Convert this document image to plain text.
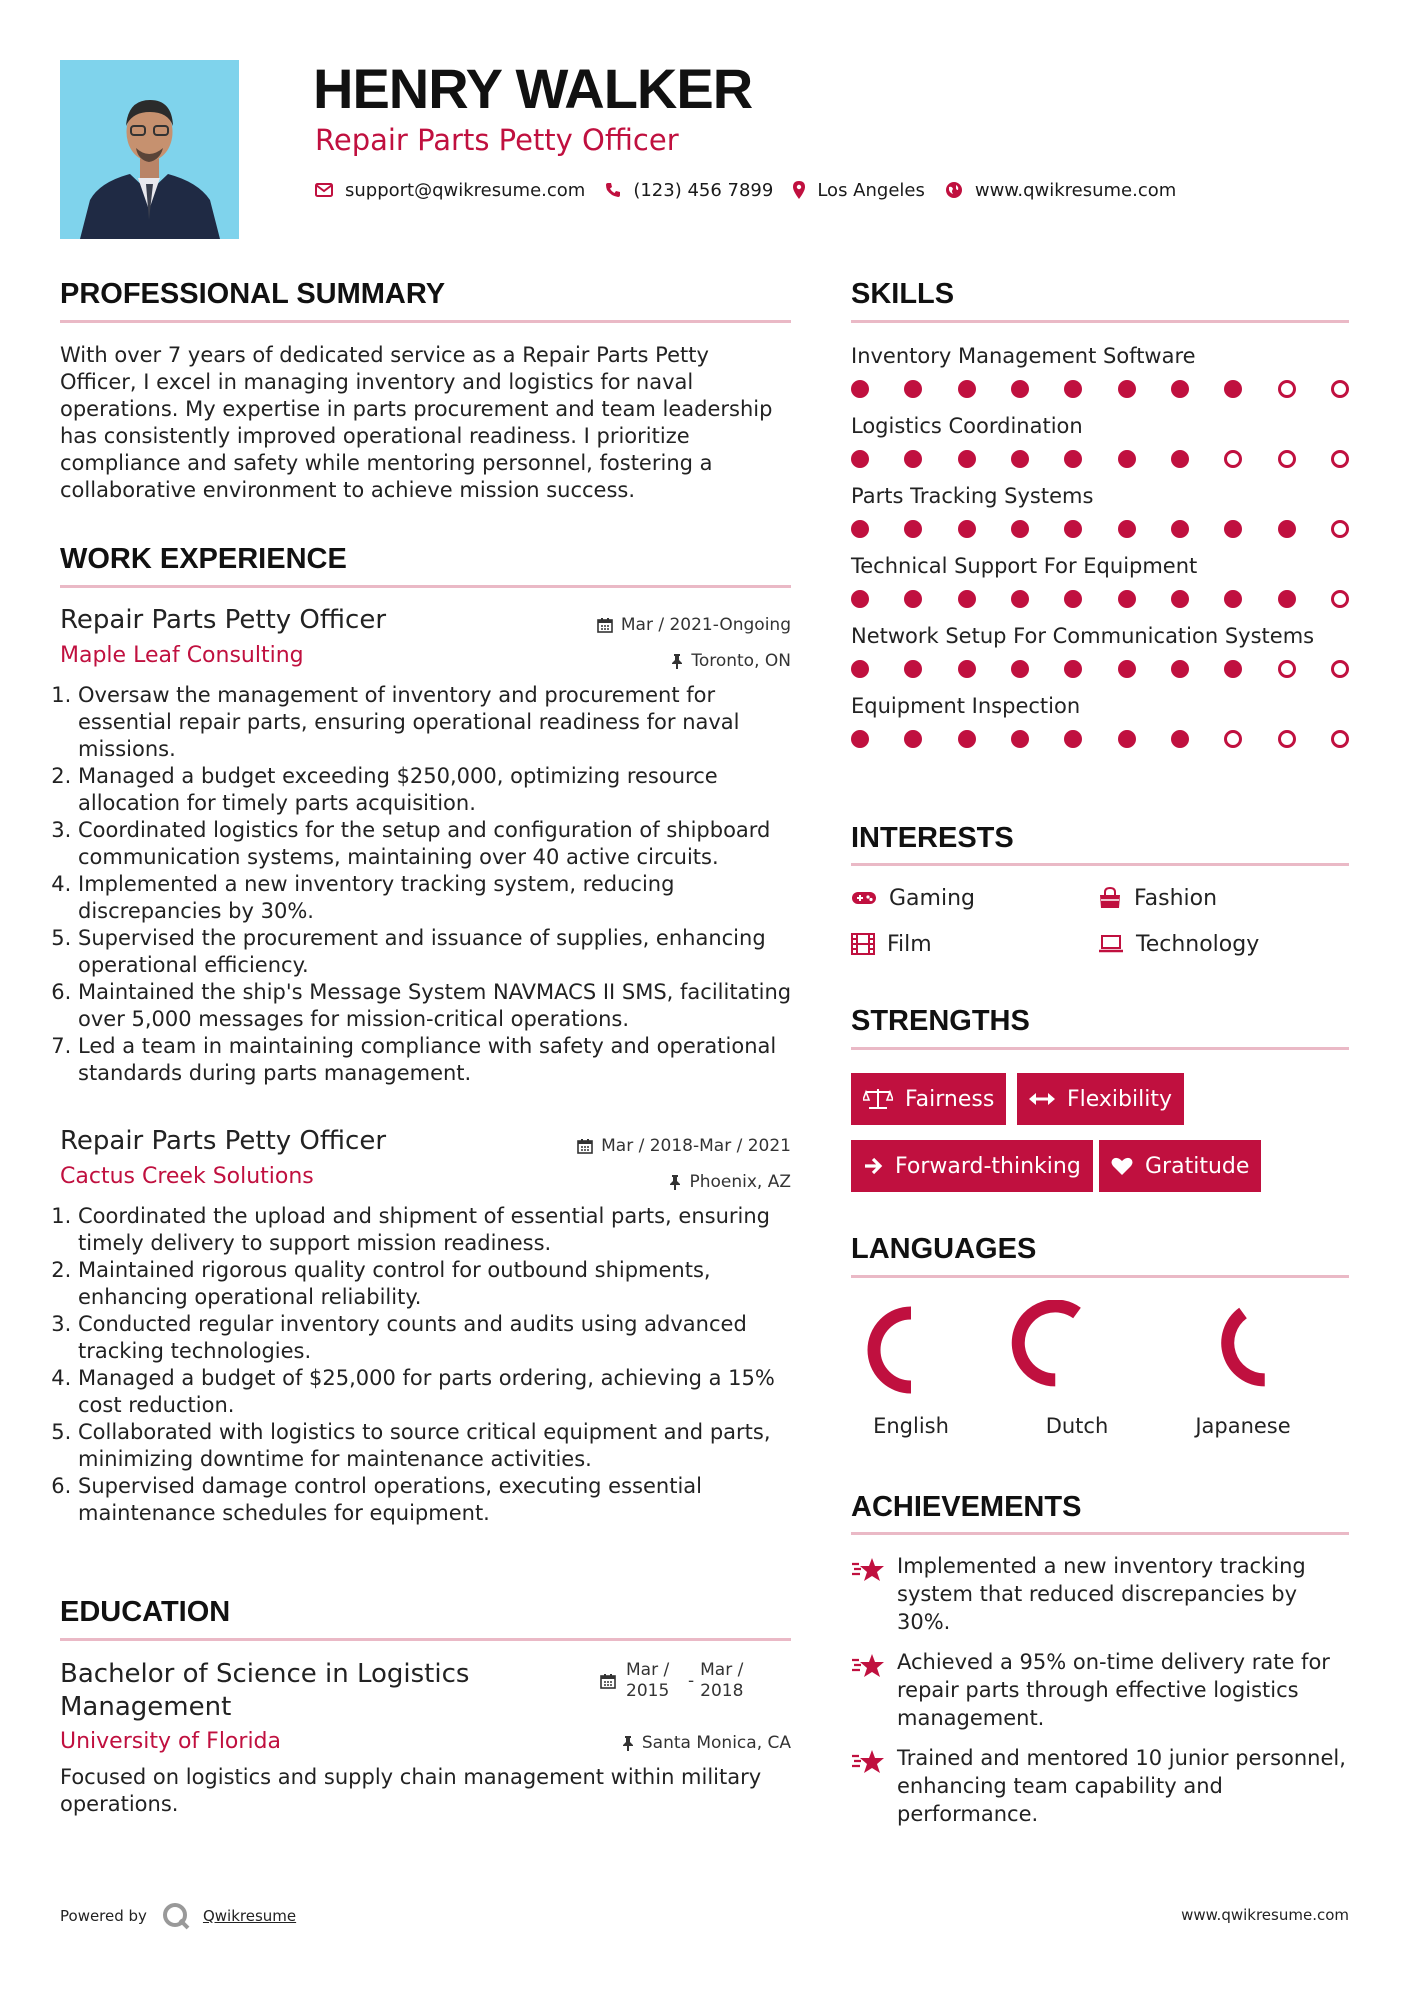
HENRY WALKER
Repair Parts Petty Officer
support@qwikresume.com	(123) 456 7899 Los Angeles	www.qwikresume.com
PROFESSIONAL SUMMARY
With over 7 years of dedicated service as a Repair Parts Petty Officer, I excel in managing inventory and logistics for naval operations. My expertise in parts procurement and team leadership has consistently improved operational readiness. I prioritize compliance and safety while mentoring personnel, fostering a collaborative environment to achieve mission success.
WORK EXPERIENCE
Repair Parts Petty Officer	Mar / 2021-Ongoing
Maple Leaf Consulting	Toronto, ON
1. Oversaw the management of inventory and procurement for essential repair parts, ensuring operational readiness for naval missions.
2. Managed a budget exceeding $250,000, optimizing resource allocation for timely parts acquisition.
3. Coordinated logistics for the setup and configuration of shipboard communication systems, maintaining over 40 active circuits.
4. Implemented a new inventory tracking system, reducing discrepancies by 30%.
5. Supervised the procurement and issuance of supplies, enhancing operational efficiency.
6. Maintained the ship's Message System NAVMACS II SMS, facilitating over 5,000 messages for mission-critical operations.
7. Led a team in maintaining compliance with safety and operational standards during parts management.
Repair Parts Petty Officer	Mar / 2018-Mar / 2021
Cactus Creek Solutions	Phoenix, AZ
1. Coordinated the upload and shipment of essential parts, ensuring timely delivery to support mission readiness.
2. Maintained rigorous quality control for outbound shipments, enhancing operational reliability.
3. Conducted regular inventory counts and audits using advanced tracking technologies.
4. Managed a budget of $25,000 for parts ordering, achieving a 15% cost reduction.
5. Collaborated with logistics to source critical equipment and parts, minimizing downtime for maintenance activities.
6. Supervised damage control operations, executing essential maintenance schedules for equipment.
EDUCATION
Bachelor of Science in Logistics Management
Mar / 2015
-
Mar / 2018
University of Florida	Santa Monica, CA
Focused on logistics and supply chain management within military operations.
SKILLS
Inventory Management Software
Logistics Coordination
Parts Tracking Systems
Technical Support For Equipment
Network Setup For Communication Systems
Equipment Inspection
INTERESTS
Gaming	Fashion
Film	Technology
STRENGTHS
Fairness	Flexibility
Forward-thinking	Gratitude
LANGUAGES
English	Dutch	Japanese
ACHIEVEMENTS
Implemented a new inventory tracking system that reduced discrepancies by 30%.
Achieved a 95% on-time delivery rate for repair parts through effective logistics management.
Trained and mentored 10 junior personnel, enhancing team capability and performance.
Powered by	Qwikresume	www.qwikresume.com
